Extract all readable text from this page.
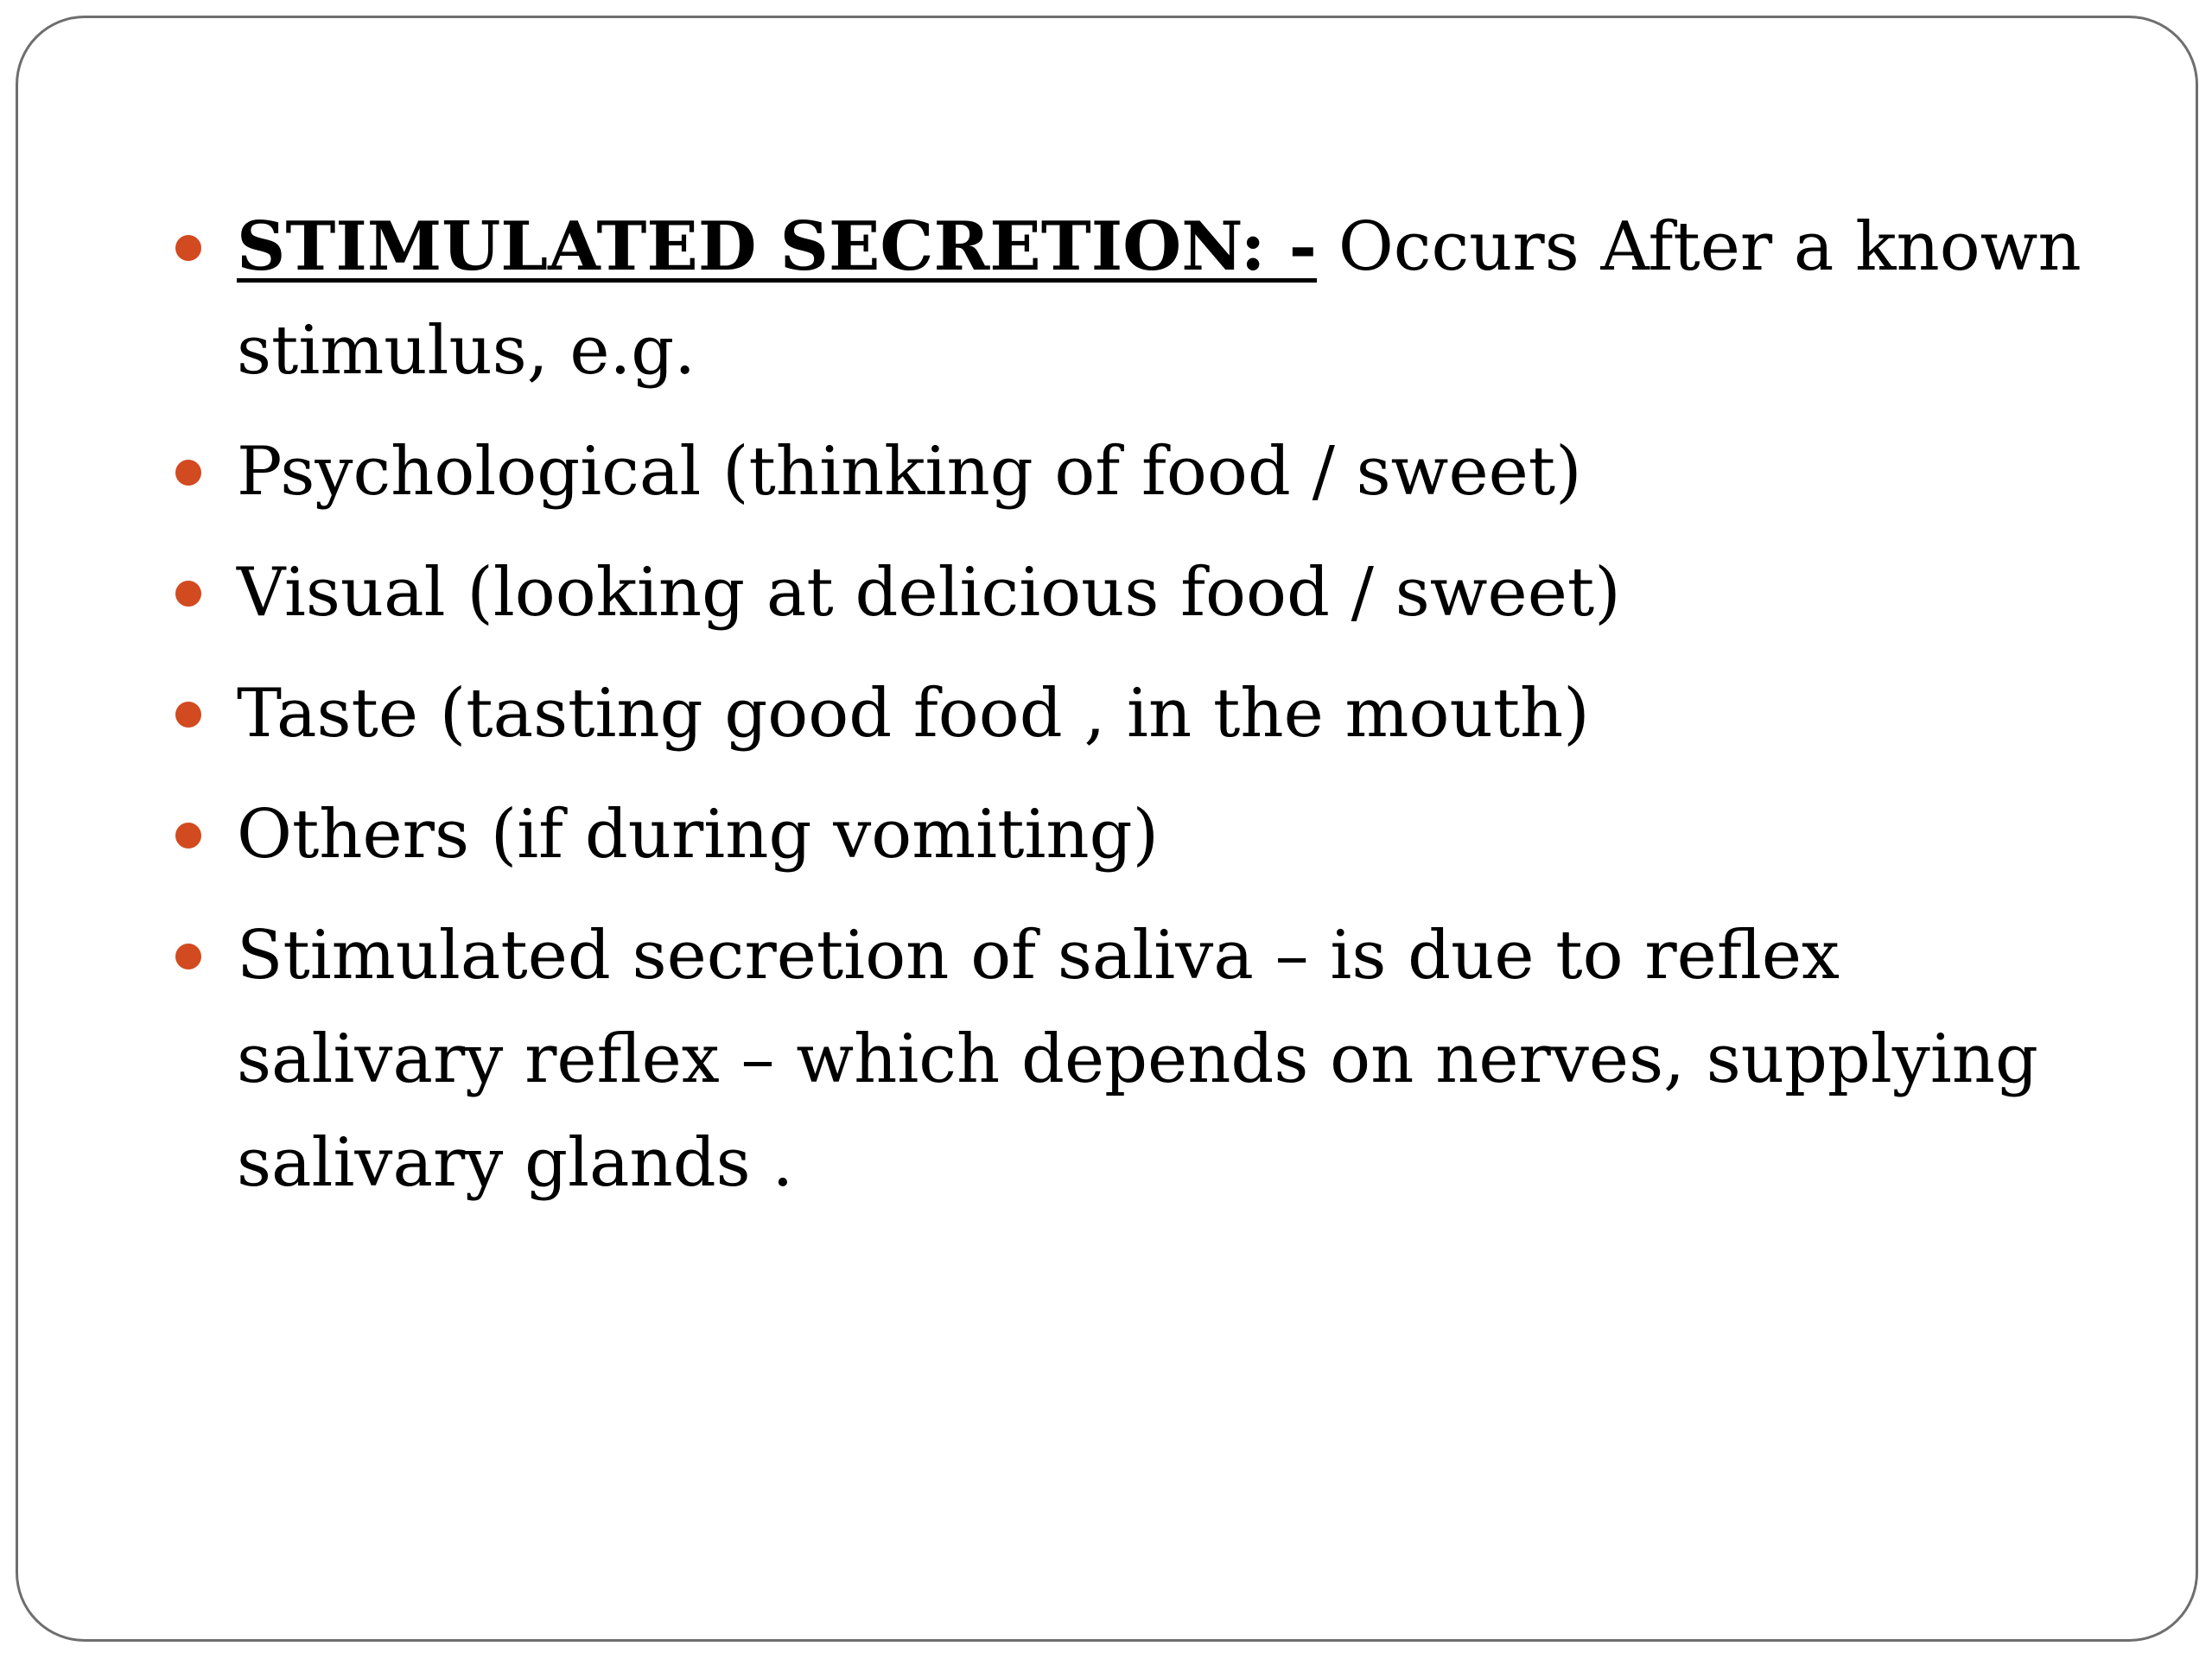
STIMULATED SECRETION: - Occurs After a known stimulus, e.g.
Psychological (thinking of food / sweet)
Visual (looking at delicious food / sweet)
Taste (tasting good food , in the mouth)
Others (if during vomiting)
Stimulated secretion of saliva – is due to reflex salivary reflex – which depends on nerves, supplying salivary glands .
